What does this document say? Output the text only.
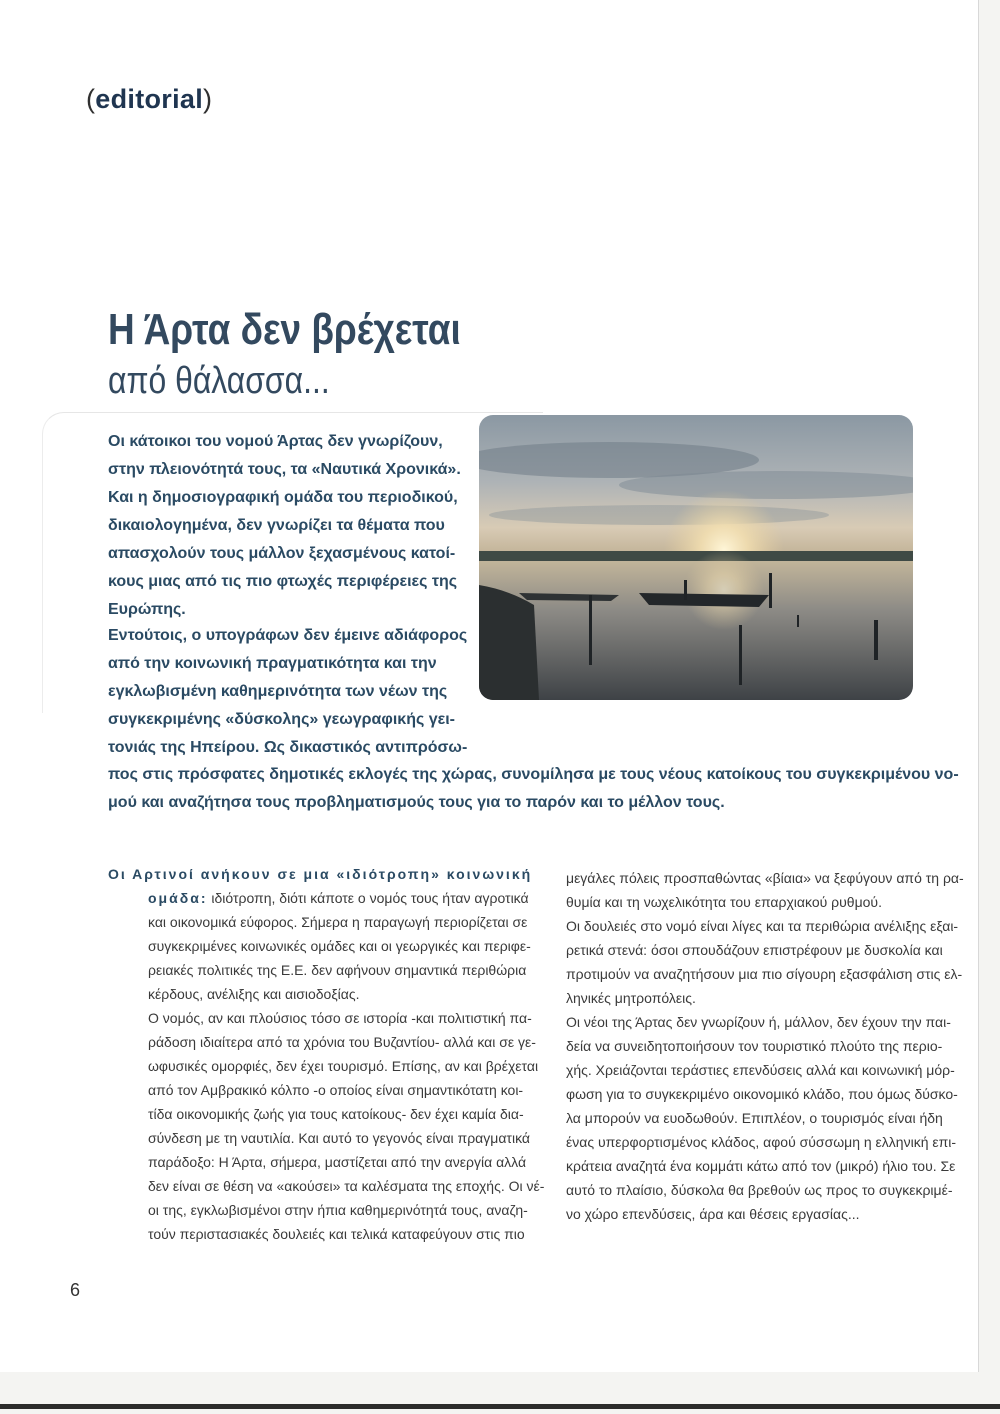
(editorial)
Η Άρτα δεν βρέχεται
από θάλασσα...
Οι κάτοικοι του νομού Άρτας δεν γνωρίζουν,
στην πλειονότητά τους, τα «Ναυτικά Χρονικά».
Και η δημοσιογραφική ομάδα του περιοδικού,
δικαιολογημένα, δεν γνωρίζει τα θέματα που
απασχολούν τους μάλλον ξεχασμένους κατοί-
κους μιας από τις πιο φτωχές περιφέρειες της
Ευρώπης.
Εντούτοις, ο υπογράφων δεν έμεινε αδιάφορος
από την κοινωνική πραγματικότητα και την
εγκλωβισμένη καθημερινότητα των νέων της
συγκεκριμένης «δύσκολης» γεωγραφικής γει-
τονιάς της Ηπείρου. Ως δικαστικός αντιπρόσω-
πος στις πρόσφατες δημοτικές εκλογές της χώρας, συνομίλησα με τους νέους κατοίκους του συγκεκριμένου νο-
μού και αναζήτησα τους προβληματισμούς τους για το παρόν και το μέλλον τους.
Οι Αρτινοί ανήκουν σε μια «ιδιότροπη» κοινωνική
ομάδα: ιδιότροπη, διότι κάποτε ο νομός τους ήταν αγροτικά
και οικονομικά εύφορος. Σήμερα η παραγωγή περιορίζεται σε
συγκεκριμένες κοινωνικές ομάδες και οι γεωργικές και περιφε-
ρειακές πολιτικές της Ε.Ε. δεν αφήνουν σημαντικά περιθώρια
κέρδους, ανέλιξης και αισιοδοξίας.
Ο νομός, αν και πλούσιος τόσο σε ιστορία -και πολιτιστική πα-
ράδοση ιδιαίτερα από τα χρόνια του Βυζαντίου- αλλά και σε γε-
ωφυσικές ομορφιές, δεν έχει τουρισμό. Επίσης, αν και βρέχεται
από τον Αμβρακικό κόλπο -ο οποίος είναι σημαντικότατη κοι-
τίδα οικονομικής ζωής για τους κατοίκους- δεν έχει καμία δια-
σύνδεση με τη ναυτιλία. Και αυτό το γεγονός είναι πραγματικά
παράδοξο: Η Άρτα, σήμερα, μαστίζεται από την ανεργία αλλά
δεν είναι σε θέση να «ακούσει» τα καλέσματα της εποχής. Οι νέ-
οι της, εγκλωβισμένοι στην ήπια καθημερινότητά τους, αναζη-
τούν περιστασιακές δουλειές και τελικά καταφεύγουν στις πιο
μεγάλες πόλεις προσπαθώντας «βίαια» να ξεφύγουν από τη ρα-
θυμία και τη νωχελικότητα του επαρχιακού ρυθμού.
Οι δουλειές στο νομό είναι λίγες και τα περιθώρια ανέλιξης εξαι-
ρετικά στενά: όσοι σπουδάζουν επιστρέφουν με δυσκολία και
προτιμούν να αναζητήσουν μια πιο σίγουρη εξασφάλιση στις ελ-
ληνικές μητροπόλεις.
Οι νέοι της Άρτας δεν γνωρίζουν ή, μάλλον, δεν έχουν την παι-
δεία να συνειδητοποιήσουν τον τουριστικό πλούτο της περιο-
χής. Χρειάζονται τεράστιες επενδύσεις αλλά και κοινωνική μόρ-
φωση για το συγκεκριμένο οικονομικό κλάδο, που όμως δύσκο-
λα μπορούν να ευοδωθούν. Επιπλέον, ο τουρισμός είναι ήδη
ένας υπερφορτισμένος κλάδος, αφού σύσσωμη η ελληνική επι-
κράτεια αναζητά ένα κομμάτι κάτω από τον (μικρό) ήλιο του. Σε
αυτό το πλαίσιο, δύσκολα θα βρεθούν ως προς το συγκεκριμέ-
νο χώρο επενδύσεις, άρα και θέσεις εργασίας...
6
